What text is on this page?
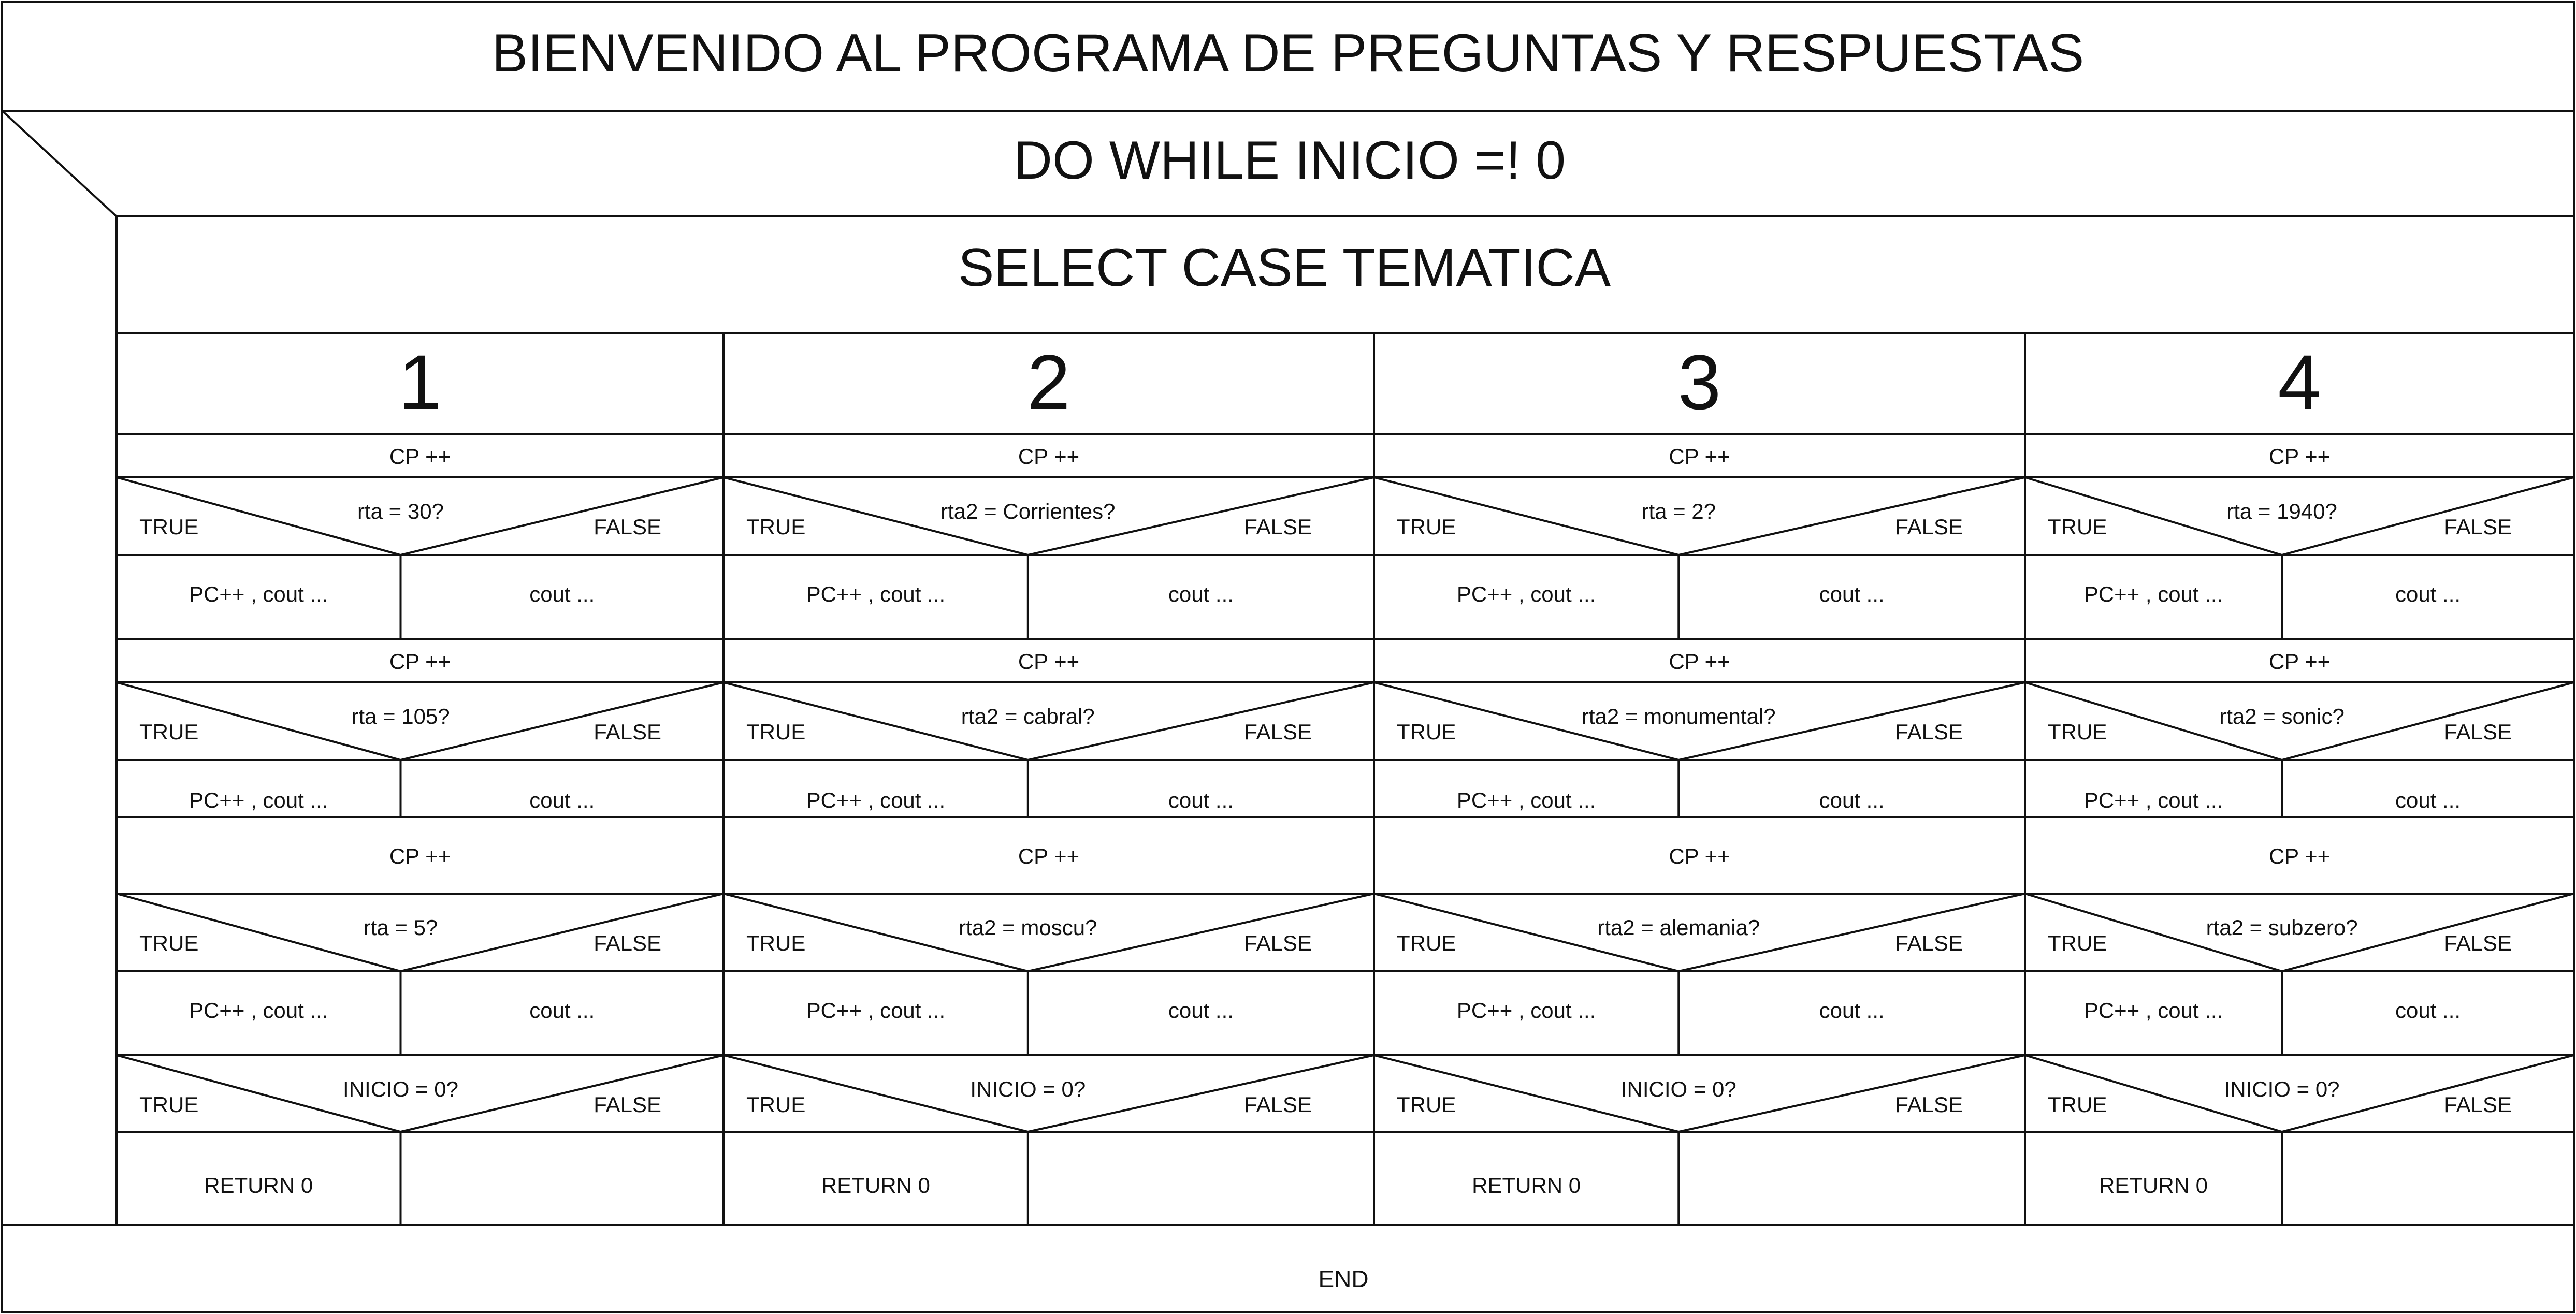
BIENVENIDO AL PROGRAMA DE PREGUNTAS Y RESPUESTAS
DO WHILE INICIO =! 0
SELECT CASE TEMATICA
1
CP ++
rta = 30?
TRUE	FALSE
PC++ , cout ...	cout ...
CP ++
rta = 105?
TRUE	FALSE
PC++ , cout ...	cout ...
CP ++
rta = 5?
TRUE	FALSE
PC++ , cout ...	cout ...
INICIO = 0?
TRUE	FALSE
RETURN 0
2
CP ++
rta2 = Corrientes?
TRUE	FALSE
PC++ , cout ...	cout ...
CP ++
rta2 = cabral?
TRUE	FALSE
PC++ , cout ...	cout ...
CP ++
rta2 = moscu?
TRUE	FALSE
PC++ , cout ...	cout ...
INICIO = 0?
TRUE	FALSE
RETURN 0
3
CP ++
rta = 2?
TRUE	FALSE
PC++ , cout ...	cout ...
CP ++
rta2 = monumental?
TRUE	FALSE
PC++ , cout ...	cout ...
CP ++
rta2 = alemania?
TRUE	FALSE
PC++ , cout ...	cout ...
INICIO = 0?
TRUE	FALSE
RETURN 0
4
CP ++
rta = 1940?
TRUE	FALSE
PC++ , cout ...	cout ...
CP ++
rta2 = sonic?
TRUE	FALSE
PC++ , cout ...	cout ...
CP ++
rta2 = subzero?
TRUE	FALSE
PC++ , cout ...	cout ...
INICIO = 0?
TRUE	FALSE
RETURN 0
END
